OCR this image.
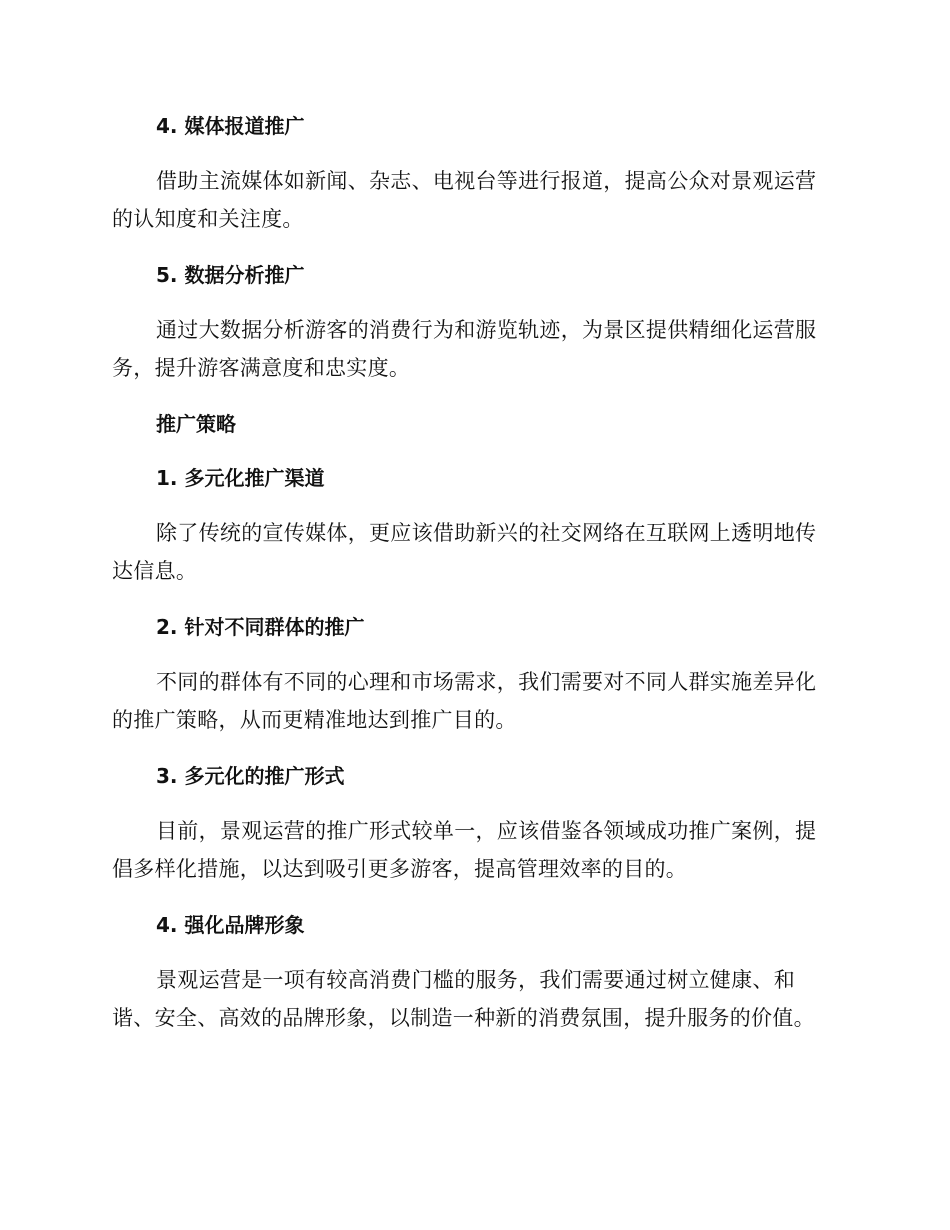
4. 媒体报道推广

借助主流媒体如新闻、杂志、电视台等进行报道，提高公众对景观运营的认知度和关注度。

5. 数据分析推广

通过大数据分析游客的消费行为和游览轨迹，为景区提供精细化运营服务，提升游客满意度和忠实度。

推广策略
1. 多元化推广渠道

除了传统的宣传媒体，更应该借助新兴的社交网络在互联网上透明地传达信息。

2. 针对不同群体的推广

不同的群体有不同的心理和市场需求，我们需要对不同人群实施差异化的推广策略，从而更精准地达到推广目的。

3. 多元化的推广形式

目前，景观运营的推广形式较单一，应该借鉴各领域成功推广案例，提倡多样化措施，以达到吸引更多游客，提高管理效率的目的。

4. 强化品牌形象

景观运营是一项有较高消费门槛的服务，我们需要通过树立健康、和谐、安全、高效的品牌形象，以制造一种新的消费氛围，提升服务的价值。
